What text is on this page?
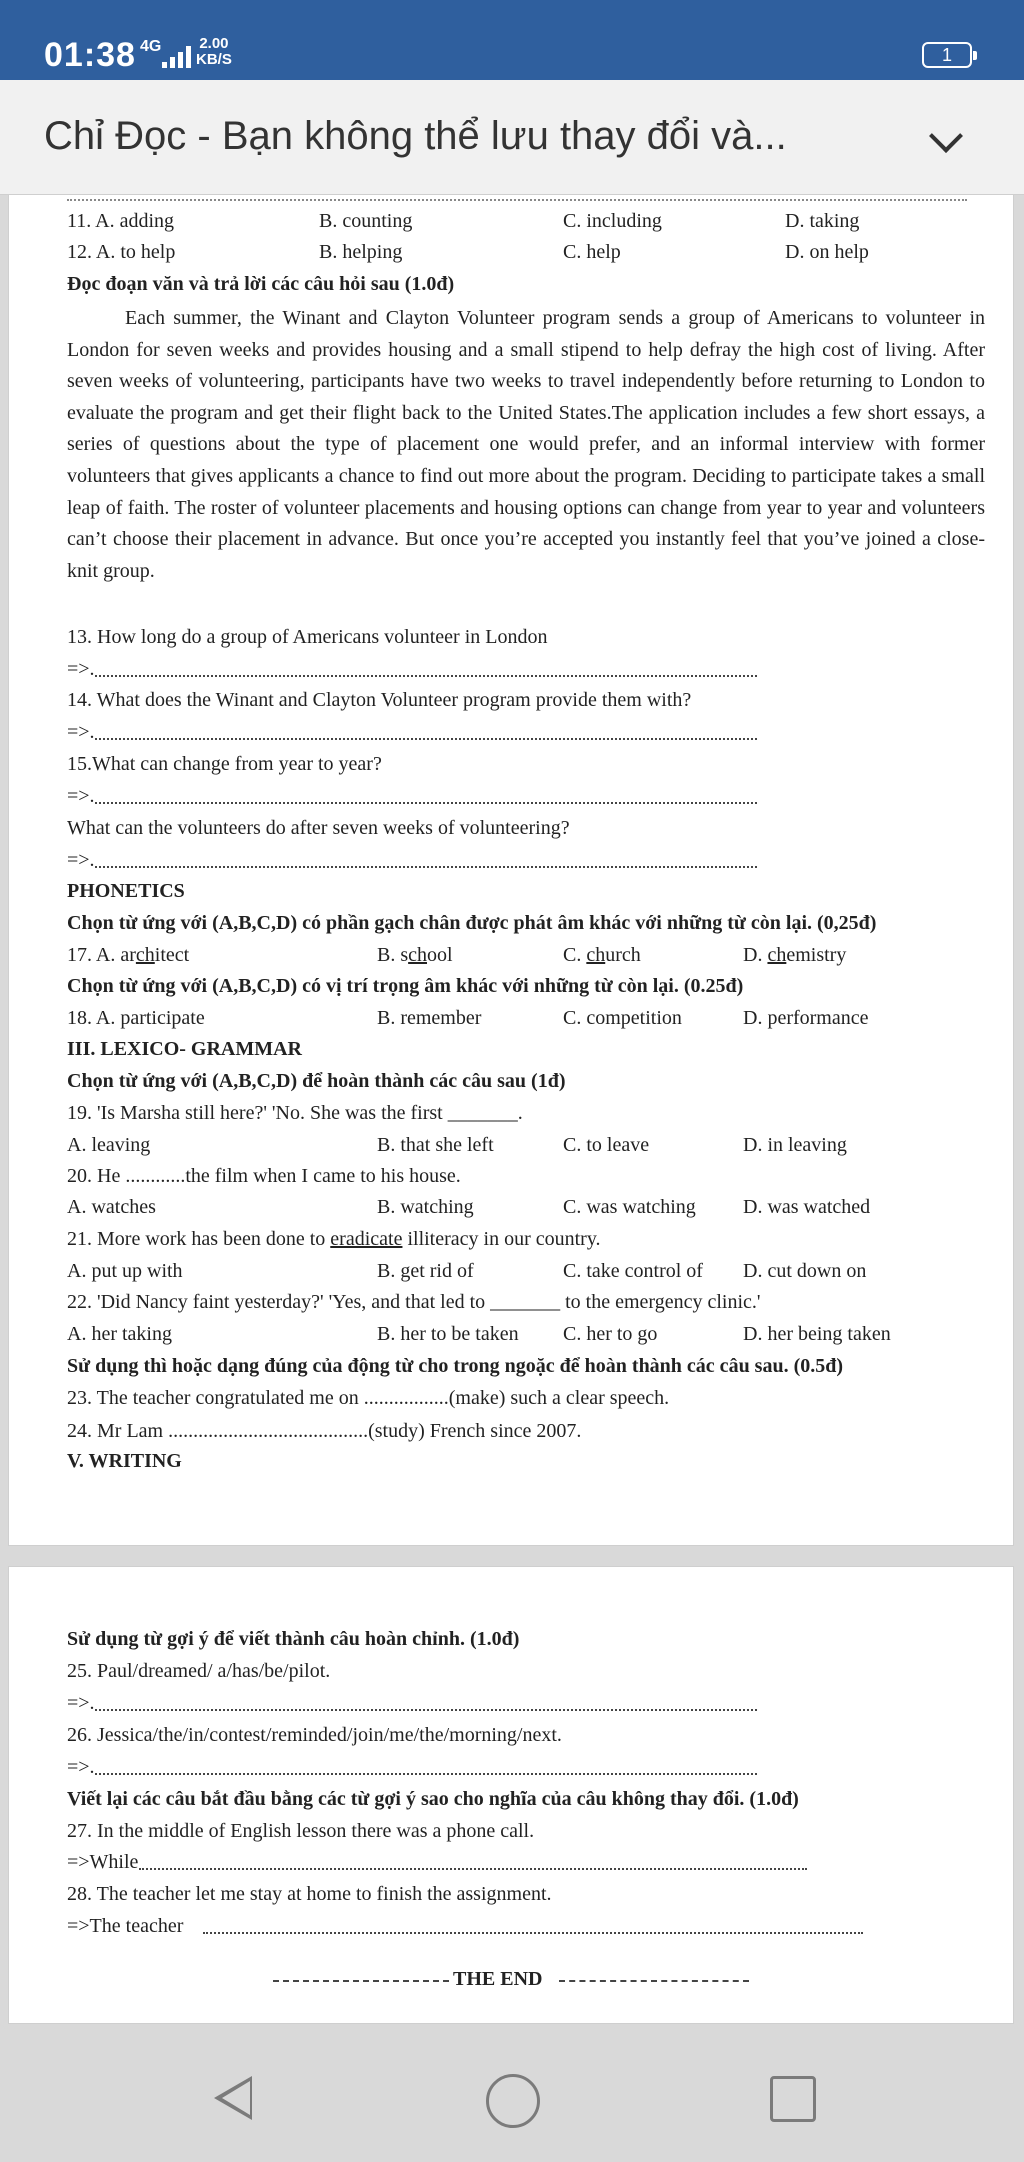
01:38 4G	2.00
KB/S	1
Chỉ Đọc - Bạn không thể lưu thay đổi và...
11. A. adding	B. counting	C. including	D. taking
12. A. to help	B. helping	C. help	D. on help
Đọc đoạn văn và trả lời các câu hỏi sau (1.0đ)
Each summer, the Winant and Clayton Volunteer program sends a group of Americans to volunteer in London for seven weeks and provides housing and a small stipend to help defray the high cost of living. After seven weeks of volunteering, participants have two weeks to travel independently before returning to London to evaluate the program and get their flight back to the United States.The application includes a few short essays, a series of questions about the type of placement one would prefer, and an informal interview with former volunteers that gives applicants a chance to find out more about the program. Deciding to participate takes a small leap of faith. The roster of volunteer placements and housing options can change from year to year and volunteers can’t choose their placement in advance. But once you’re accepted you instantly feel that you’ve joined a close-knit group.
13. How long do a group of Americans volunteer in London
=>.
14. What does the Winant and Clayton Volunteer program provide them with?
=>.
15.What can change from year to year?
=>.
What can the volunteers do after seven weeks of volunteering?
=>.
PHONETICS
Chọn từ ứng với (A,B,C,D) có phần gạch chân được phát âm khác với những từ còn lại. (0,25đ)
17. A. architect	B. school	C. church	D. chemistry
Chọn từ ứng với (A,B,C,D) có vị trí trọng âm khác với những từ còn lại. (0.25đ)
18. A. participate	B. remember	C. competition	D. performance
III. LEXICO- GRAMMAR
Chọn từ ứng với (A,B,C,D) để hoàn thành các câu sau (1đ)
19. 'Is Marsha still here?' 'No. She was the first _______.
A. leaving	B. that she left	C. to leave	D. in leaving
20. He ............the film when I came to his house.
A. watches	B. watching	C. was watching D. was watched
21. More work has been done to eradicate illiteracy in our country.
A. put up with	B. get rid of	C. take control of D. cut down on
22. 'Did Nancy faint yesterday?' 'Yes, and that led to _______ to the emergency clinic.'
A. her taking	B. her to be taken C. her to go	D. her being taken
Sử dụng thì hoặc dạng đúng của động từ cho trong ngoặc để hoàn thành các câu sau. (0.5đ)
23. The teacher congratulated me on .................(make) such a clear speech.
24. Mr Lam ........................................(study) French since 2007.
V. WRITING
Sử dụng từ gợi ý để viết thành câu hoàn chỉnh. (1.0đ)
25. Paul/dreamed/ a/has/be/pilot.
=>.
26. Jessica/the/in/contest/reminded/join/me/the/morning/next.
=>.
Viết lại các câu bắt đầu bằng các từ gợi ý sao cho nghĩa của câu không thay đổi. (1.0đ)
27. In the middle of English lesson there was a phone call.
=>While
28. The teacher let me stay at home to finish the assignment.
=>The teacher
THE END
